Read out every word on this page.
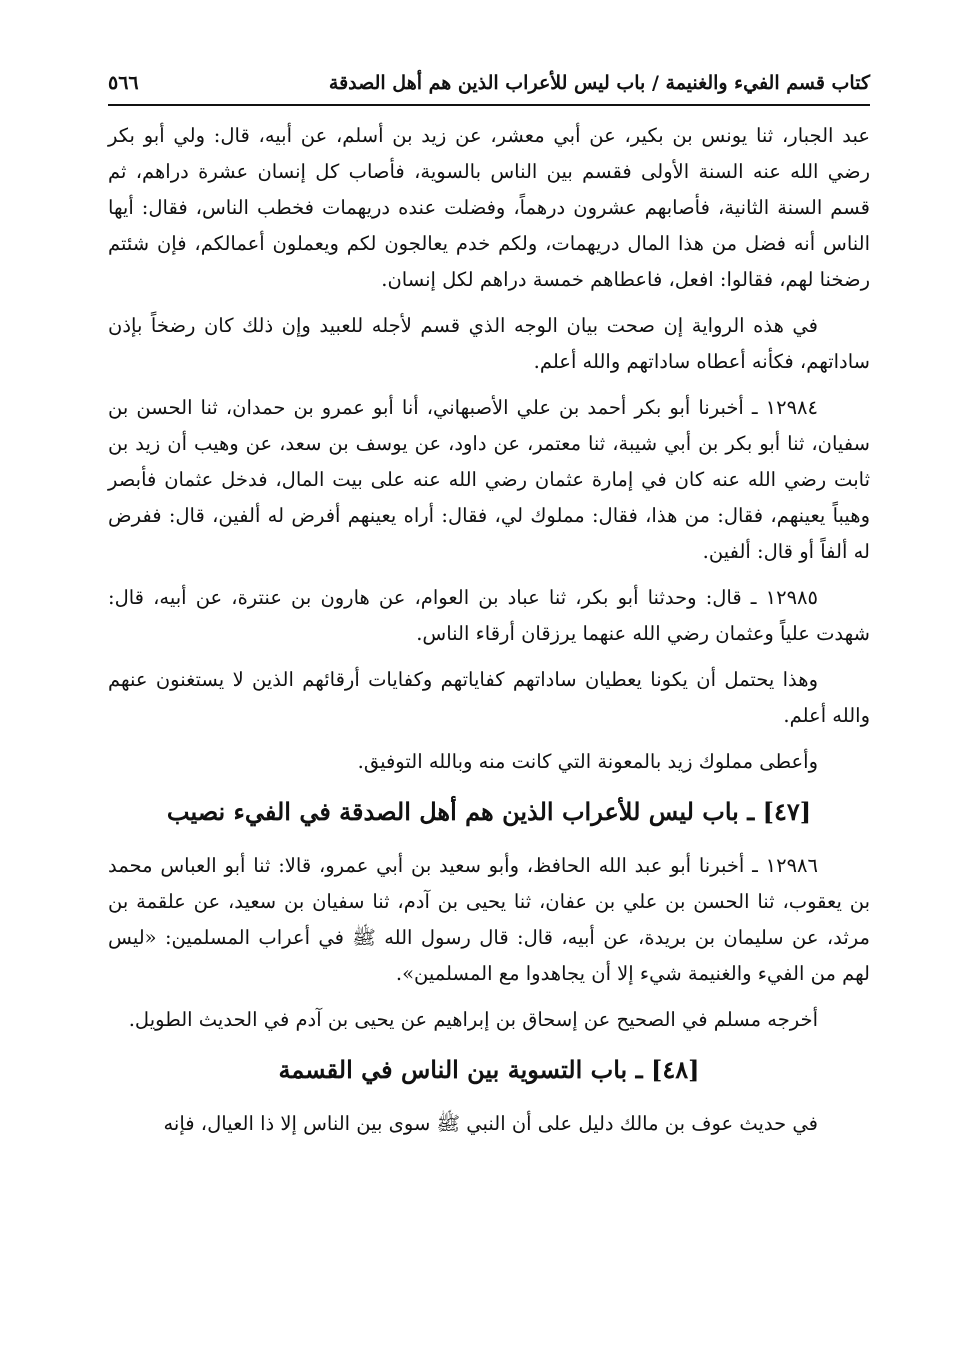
كتاب قسم الفيء والغنيمة / باب ليس للأعراب الذين هم أهل الصدقة
٥٦٦

عبد الجبار، ثنا يونس بن بكير، عن أبي معشر، عن زيد بن أسلم، عن أبيه، قال: ولي أبو بكر رضي الله عنه السنة الأولى فقسم بين الناس بالسوية، فأصاب كل إنسان عشرة دراهم، ثم قسم السنة الثانية، فأصابهم عشرون درهماً، وفضلت عنده دريهمات فخطب الناس، فقال: أيها الناس أنه فضل من هذا المال دريهمات، ولكم خدم يعالجون لكم ويعملون أعمالكم، فإن شئتم رضخنا لهم، فقالوا: افعل، فاعطاهم خمسة دراهم لكل إنسان.

في هذه الرواية إن صحت بيان الوجه الذي قسم لأجله للعبيد وإن ذلك كان رضخاً بإذن ساداتهم، فكأنه أعطاه ساداتهم والله أعلم.

١٢٩٨٤ ـ أخبرنا أبو بكر أحمد بن علي الأصبهاني، أنا أبو عمرو بن حمدان، ثنا الحسن بن سفيان، ثنا أبو بكر بن أبي شيبة، ثنا معتمر، عن داود، عن يوسف بن سعد، عن وهيب أن زيد بن ثابت رضي الله عنه كان في إمارة عثمان رضي الله عنه على بيت المال، فدخل عثمان فأبصر وهيباً يعينهم، فقال: من هذا، فقال: مملوك لي، فقال: أراه يعينهم أفرض له ألفين، قال: ففرض له ألفاً أو قال: ألفين.

١٢٩٨٥ ـ قال: وحدثنا أبو بكر، ثنا عباد بن العوام، عن هارون بن عنترة، عن أبيه، قال: شهدت علياً وعثمان رضي الله عنهما يرزقان أرقاء الناس.

وهذا يحتمل أن يكونا يعطيان ساداتهم كفاياتهم وكفايات أرقائهم الذين لا يستغنون عنهم والله أعلم.

وأعطى مملوك زيد بالمعونة التي كانت منه وبالله التوفيق.

[٤٧] ـ باب ليس للأعراب الذين هم أهل الصدقة في الفيء نصيب

١٢٩٨٦ ـ أخبرنا أبو عبد الله الحافظ، وأبو سعيد بن أبي عمرو، قالا: ثنا أبو العباس محمد بن يعقوب، ثنا الحسن بن علي بن عفان، ثنا يحيى بن آدم، ثنا سفيان بن سعيد، عن علقمة بن مرثد، عن سليمان بن بريدة، عن أبيه، قال: قال رسول الله ﷺ في أعراب المسلمين: «ليس لهم من الفيء والغنيمة شيء إلا أن يجاهدوا مع المسلمين».

أخرجه مسلم في الصحيح عن إسحاق بن إبراهيم عن يحيى بن آدم في الحديث الطويل.

[٤٨] ـ باب التسوية بين الناس في القسمة

في حديث عوف بن مالك دليل على أن النبي ﷺ سوى بين الناس إلا ذا العيال، فإنه
